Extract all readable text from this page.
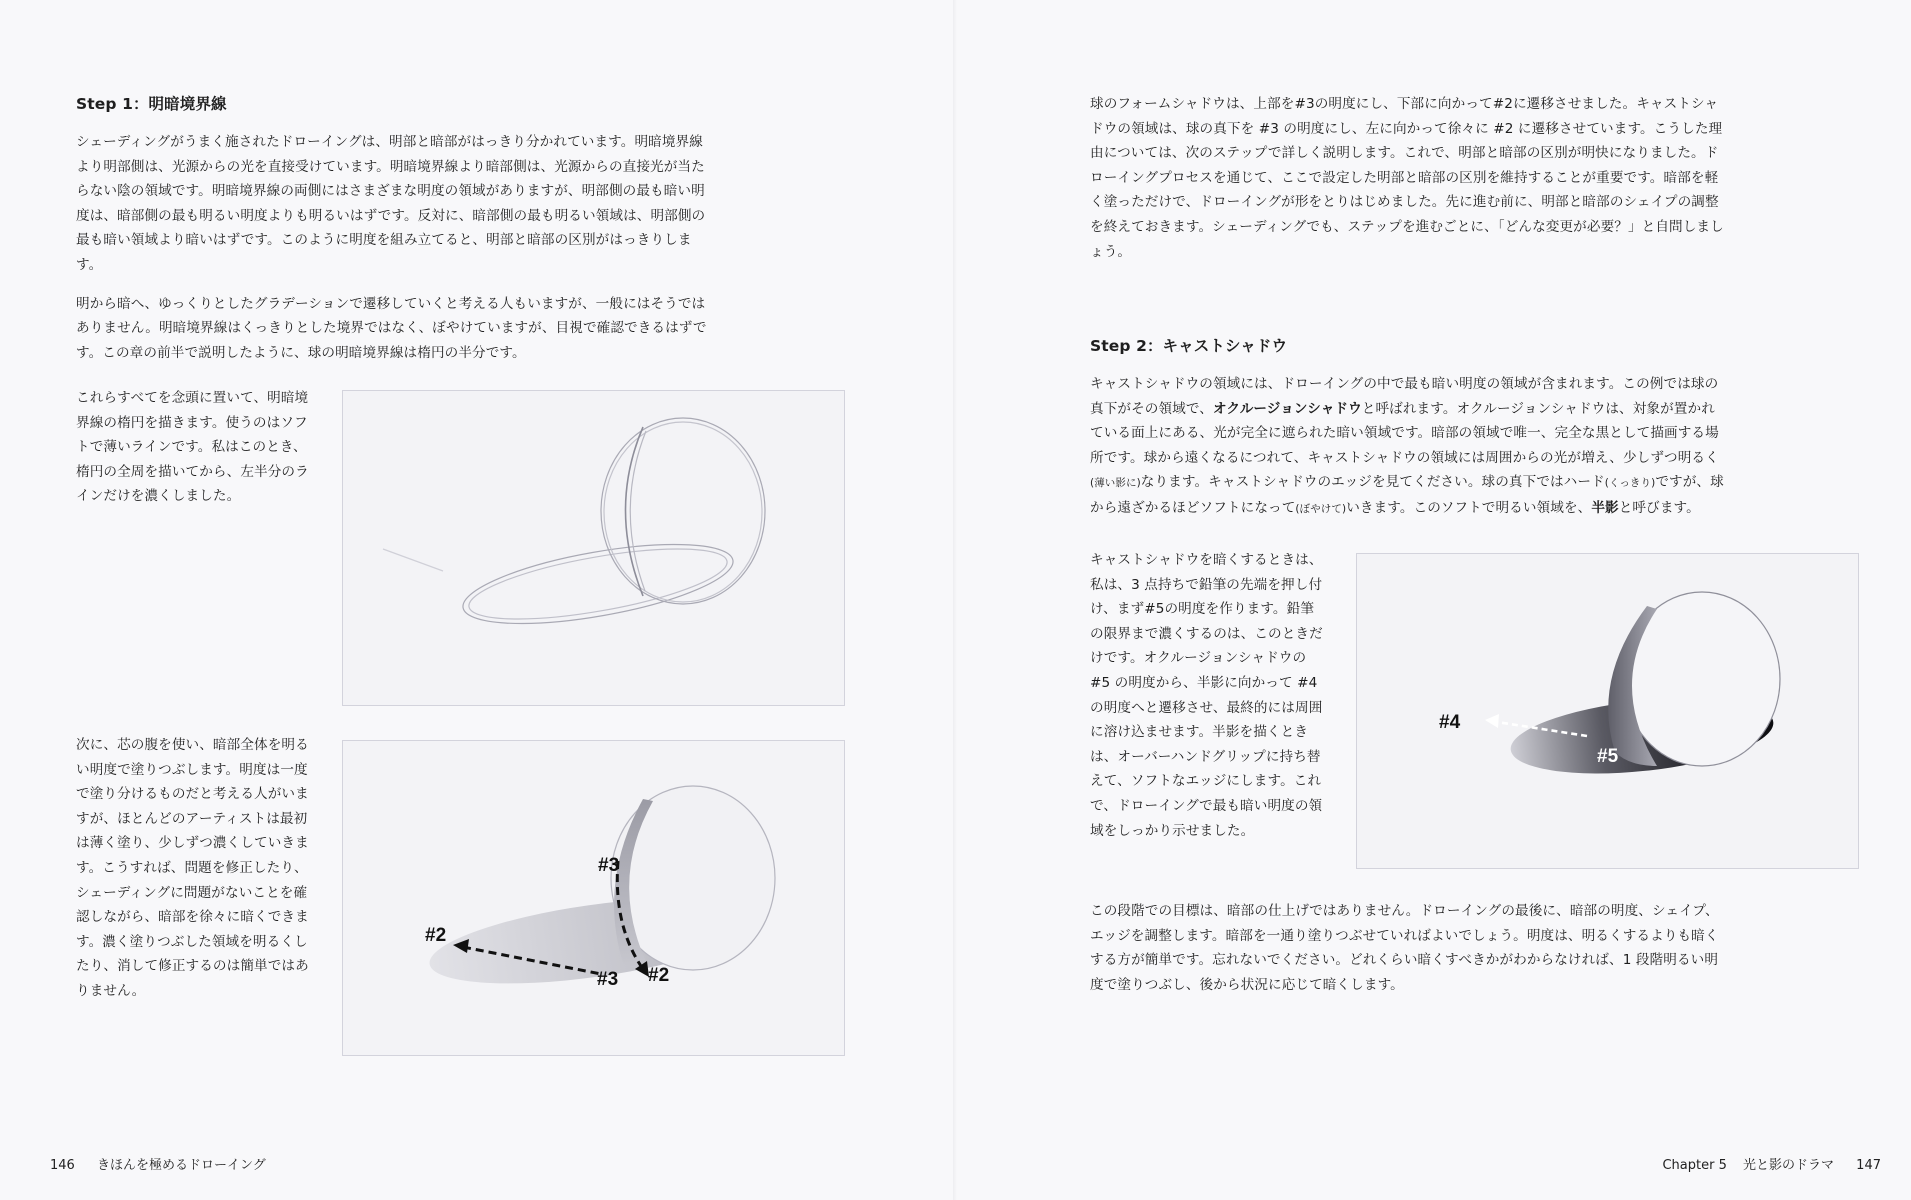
Step 1：明暗境界線

シェーディングがうまく施されたドローイングは、明部と暗部がはっきり分かれています。明暗境界線より明部側は、光源からの光を直接受けています。明暗境界線より暗部側は、光源からの直接光が当たらない陰の領域です。明暗境界線の両側にはさまざまな明度の領域がありますが、明部側の最も暗い明度は、暗部側の最も明るい明度よりも明るいはずです。反対に、暗部側の最も明るい領域は、明部側の最も暗い領域より暗いはずです。このように明度を組み立てると、明部と暗部の区別がはっきりします。

明から暗へ、ゆっくりとしたグラデーションで遷移していくと考える人もいますが、一般にはそうではありません。明暗境界線はくっきりとした境界ではなく、ぼやけていますが、目視で確認できるはずです。この章の前半で説明したように、球の明暗境界線は楕円の半分です。

これらすべてを念頭に置いて、明暗境界線の楕円を描きます。使うのはソフトで薄いラインです。私はこのとき、楕円の全周を描いてから、左半分のラインだけを濃くしました。

次に、芯の腹を使い、暗部全体を明るい明度で塗りつぶします。明度は一度で塗り分けるものだと考える人がいますが、ほとんどのアーティストは最初は薄く塗り、少しずつ濃くしていきます。こうすれば、問題を修正したり、シェーディングに問題がないことを確認しながら、暗部を徐々に暗くできます。濃く塗りつぶした領域を明るくしたり、消して修正するのは簡単ではありません。

#3
#2
#3 #2

球のフォームシャドウは、上部を#3の明度にし、下部に向かって#2に遷移させました。キャストシャドウの領域は、球の真下を #3 の明度にし、左に向かって徐々に #2 に遷移させています。こうした理由については、次のステップで詳しく説明します。これで、明部と暗部の区別が明快になりました。ドローイングプロセスを通じて、ここで設定した明部と暗部の区別を維持することが重要です。暗部を軽く塗っただけで、ドローイングが形をとりはじめました。先に進む前に、明部と暗部のシェイプの調整を終えておきます。シェーディングでも、ステップを進むごとに、「どんな変更が必要？」と自問しましょう。

Step 2：キャストシャドウ

キャストシャドウの領域には、ドローイングの中で最も暗い明度の領域が含まれます。この例では球の真下がその領域で、オクルージョンシャドウと呼ばれます。オクルージョンシャドウは、対象が置かれている面上にある、光が完全に遮られた暗い領域です。暗部の領域で唯一、完全な黒として描画する場所です。球から遠くなるにつれて、キャストシャドウの領域には周囲からの光が増え、少しずつ明るく(薄い影に)なります。キャストシャドウのエッジを見てください。球の真下ではハード(くっきり)ですが、球から遠ざかるほどソフトになって(ぼやけて)いきます。このソフトで明るい領域を、半影と呼びます。

キャストシャドウを暗くするときは、私は、3 点持ちで鉛筆の先端を押し付け、まず#5の明度を作ります。鉛筆の限界まで濃くするのは、このときだけです。オクルージョンシャドウの #5 の明度から、半影に向かって #4 の明度へと遷移させ、最終的には周囲に溶け込ませます。半影を描くときは、オーバーハンドグリップに持ち替えて、ソフトなエッジにします。これで、ドローイングで最も暗い明度の領域をしっかり示せました。

#4
#5

この段階での目標は、暗部の仕上げではありません。ドローイングの最後に、暗部の明度、シェイプ、エッジを調整します。暗部を一通り塗りつぶせていればよいでしょう。明度は、明るくするよりも暗くする方が簡単です。忘れないでください。どれくらい暗くすべきかがわからなければ、1 段階明るい明度で塗りつぶし、後から状況に応じて暗くします。

146 きほんを極めるドローイング	Chapter 5 光と影のドラマ 147
